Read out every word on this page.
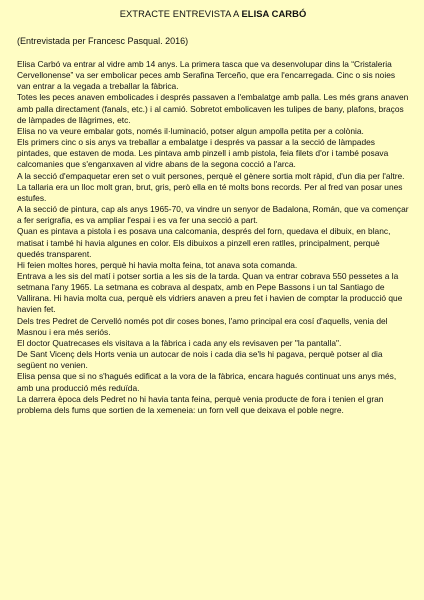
EXTRACTE ENTREVISTA A ELISA CARBÓ
(Entrevistada per Francesc Pasqual. 2016)

Elisa Carbó va entrar al vidre amb 14 anys. La primera tasca que va desenvolupar dins la “Cristaleria Cervellonense” va ser embolicar peces amb Serafina Terceño, que era l'encarregada. Cinc o sis noies van entrar a la vegada a treballar la fàbrica.

Totes les peces anaven embolicades i després passaven a l'embalatge amb palla. Les més grans anaven amb palla directament (fanals, etc.) i al camió. Sobretot embolicaven les tulipes de bany, plafons, braços de làmpades de llàgrimes, etc.

Elisa no va veure embalar gots, només il·luminació, potser algun ampolla petita per a colònia.

Els primers cinc o sis anys va treballar a embalatge i després va passar a la secció de làmpades pintades, que estaven de moda. Les pintava amb pinzell i amb pistola, feia filets d'or i també posava calcomanies que s'enganxaven al vidre abans de la segona cocció a l'arca.

A la secció d'empaquetar eren set o vuit persones, perquè el gènere sortia molt ràpid, d'un dia per l'altre.

La tallaria era un lloc molt gran, brut, gris, però ella en té molts bons records. Per al fred van posar unes estufes.

A la secció de pintura, cap als anys 1965-70, va vindre un senyor de Badalona, Román, que va començar a fer serigrafia, es va ampliar l'espai i es va fer una secció a part.

Quan es pintava a pistola i es posava una calcomania, després del forn, quedava el dibuix, en blanc, matisat i també hi havia algunes en color. Els dibuixos a pinzell eren ratlles, principalment, perquè quedés transparent.

Hi feien moltes hores, perquè hi havia molta feina, tot anava sota comanda.

Entrava a les sis del matí i potser sortia a les sis de la tarda. Quan va entrar cobrava 550 pessetes a la setmana l'any 1965. La setmana es cobrava al despatx, amb en Pepe Bassons i un tal Santiago de Vallirana. Hi havia molta cua, perquè els vidriers anaven a preu fet i havien de comptar la producció que havien fet.

Dels tres Pedret de Cervelló només pot dir coses bones, l'amo principal era cosí d'aquells, venia del Masnou i era més seriós.

El doctor Quatrecases els visitava a la fàbrica i cada any els revisaven per "la pantalla".

De Sant Vicenç dels Horts venia un autocar de nois i cada dia se'ls hi pagava, perquè potser al dia següent no venien.

Elisa pensa que si no s'hagués edificat a la vora de la fàbrica, encara hagués continuat uns anys més, amb una producció més reduïda.

La darrera època dels Pedret no hi havia tanta feina, perquè venia producte de fora i tenien el gran problema dels fums que sortien de la xemeneia: un forn vell que deixava el poble negre.
